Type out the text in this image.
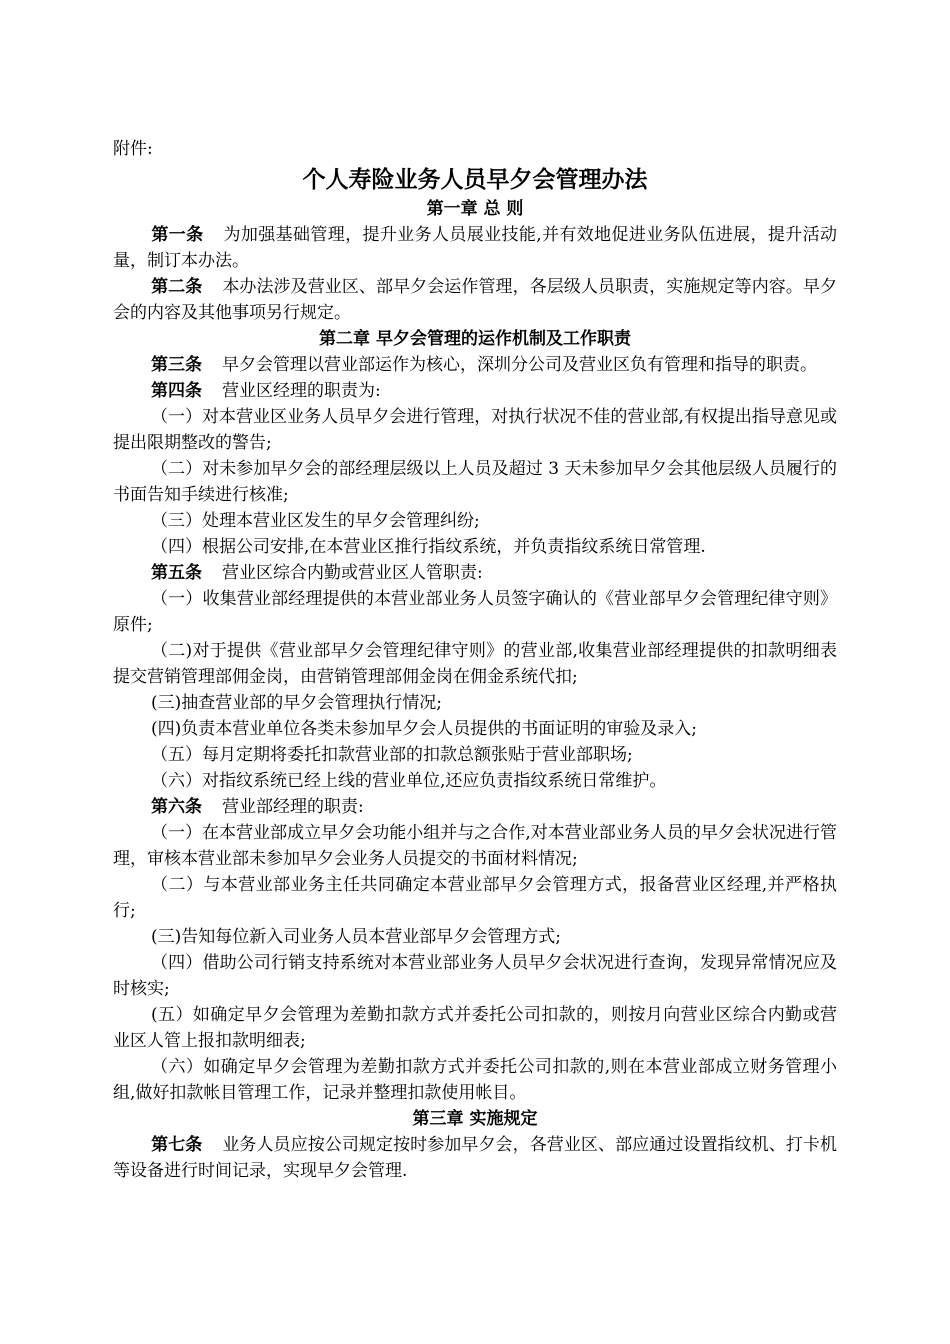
附件:
个人寿险业务人员早夕会管理办法
第一章 总 则
第一条 为加强基础管理，提升业务人员展业技能,并有效地促进业务队伍进展，提升活动量，制订本办法。
第二条 本办法涉及营业区、部早夕会运作管理，各层级人员职责，实施规定等内容。早夕会的内容及其他事项另行规定。
第二章 早夕会管理的运作机制及工作职责
第三条 早夕会管理以营业部运作为核心，深圳分公司及营业区负有管理和指导的职责。
第四条 营业区经理的职责为:
（一）对本营业区业务人员早夕会进行管理，对执行状况不佳的营业部,有权提出指导意见或提出限期整改的警告;
（二）对未参加早夕会的部经理层级以上人员及超过 3 天未参加早夕会其他层级人员履行的书面告知手续进行核准;
（三）处理本营业区发生的早夕会管理纠纷;
（四）根据公司安排,在本营业区推行指纹系统，并负责指纹系统日常管理.
第五条 营业区综合内勤或营业区人管职责:
（一）收集营业部经理提供的本营业部业务人员签字确认的《营业部早夕会管理纪律守则》原件;
（二)对于提供《营业部早夕会管理纪律守则》的营业部,收集营业部经理提供的扣款明细表提交营销管理部佣金岗，由营销管理部佣金岗在佣金系统代扣;
(三)抽查营业部的早夕会管理执行情况;
(四)负责本营业单位各类未参加早夕会人员提供的书面证明的审验及录入;
（五）每月定期将委托扣款营业部的扣款总额张贴于营业部职场;
（六）对指纹系统已经上线的营业单位,还应负责指纹系统日常维护。
第六条 营业部经理的职责:
（一）在本营业部成立早夕会功能小组并与之合作,对本营业部业务人员的早夕会状况进行管理，审核本营业部未参加早夕会业务人员提交的书面材料情况;
（二）与本营业部业务主任共同确定本营业部早夕会管理方式，报备营业区经理,并严格执行;
(三)告知每位新入司业务人员本营业部早夕会管理方式;
（四）借助公司行销支持系统对本营业部业务人员早夕会状况进行查询，发现异常情况应及时核实;
(五）如确定早夕会管理为差勤扣款方式并委托公司扣款的，则按月向营业区综合内勤或营业区人管上报扣款明细表;
（六）如确定早夕会管理为差勤扣款方式并委托公司扣款的,则在本营业部成立财务管理小组,做好扣款帐目管理工作，记录并整理扣款使用帐目。
第三章 实施规定
第七条 业务人员应按公司规定按时参加早夕会，各营业区、部应通过设置指纹机、打卡机等设备进行时间记录，实现早夕会管理.
